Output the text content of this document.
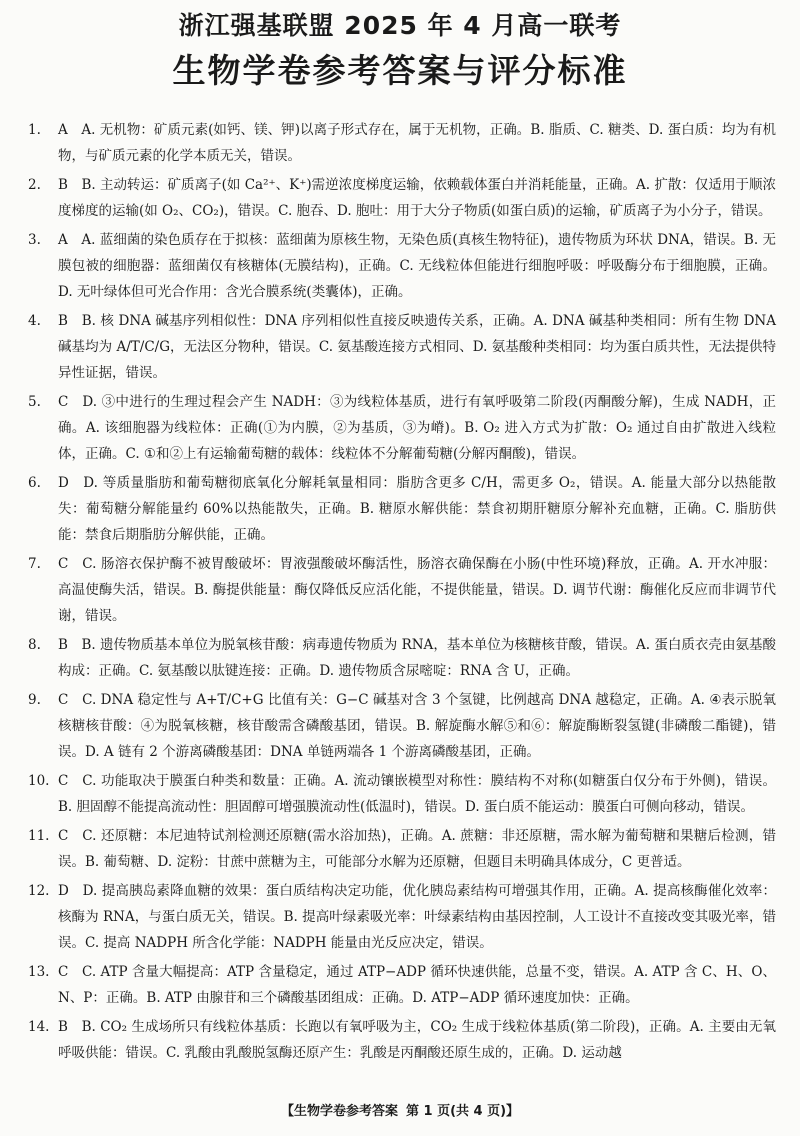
浙江强基联盟 2025 年 4 月高一联考
生物学卷参考答案与评分标准
1.	A　A. 无机物：矿质元素(如钙、镁、钾)以离子形式存在，属于无机物，正确。B. 脂质、C. 糖类、D. 蛋白质：均为有机物，与矿质元素的化学本质无关，错误。
2.	B　B. 主动转运：矿质离子(如 Ca²⁺、K⁺)需逆浓度梯度运输，依赖载体蛋白并消耗能量，正确。A. 扩散：仅适用于顺浓度梯度的运输(如 O₂、CO₂)，错误。C. 胞吞、D. 胞吐：用于大分子物质(如蛋白质)的运输，矿质离子为小分子，错误。
3.	A　A. 蓝细菌的染色质存在于拟核：蓝细菌为原核生物，无染色质(真核生物特征)，遗传物质为环状 DNA，错误。B. 无膜包被的细胞器：蓝细菌仅有核糖体(无膜结构)，正确。C. 无线粒体但能进行细胞呼吸：呼吸酶分布于细胞膜，正确。D. 无叶绿体但可光合作用：含光合膜系统(类囊体)，正确。
4.	B　B. 核 DNA 碱基序列相似性：DNA 序列相似性直接反映遗传关系，正确。A. DNA 碱基种类相同：所有生物 DNA 碱基均为 A/T/C/G，无法区分物种，错误。C. 氨基酸连接方式相同、D. 氨基酸种类相同：均为蛋白质共性，无法提供特异性证据，错误。
5.	C　D. ③中进行的生理过程会产生 NADH：③为线粒体基质，进行有氧呼吸第二阶段(丙酮酸分解)，生成 NADH，正确。A. 该细胞器为线粒体：正确(①为内膜，②为基质，③为嵴)。B. O₂ 进入方式为扩散：O₂ 通过自由扩散进入线粒体，正确。C. ①和②上有运输葡萄糖的载体：线粒体不分解葡萄糖(分解丙酮酸)，错误。
6.	D　D. 等质量脂肪和葡萄糖彻底氧化分解耗氧量相同：脂肪含更多 C/H，需更多 O₂，错误。A. 能量大部分以热能散失：葡萄糖分解能量约 60%以热能散失，正确。B. 糖原水解供能：禁食初期肝糖原分解补充血糖，正确。C. 脂肪供能：禁食后期脂肪分解供能，正确。
7.	C　C. 肠溶衣保护酶不被胃酸破坏：胃液强酸破坏酶活性，肠溶衣确保酶在小肠(中性环境)释放，正确。A. 开水冲服：高温使酶失活，错误。B. 酶提供能量：酶仅降低反应活化能，不提供能量，错误。D. 调节代谢：酶催化反应而非调节代谢，错误。
8.	B　B. 遗传物质基本单位为脱氧核苷酸：病毒遗传物质为 RNA，基本单位为核糖核苷酸，错误。A. 蛋白质衣壳由氨基酸构成：正确。C. 氨基酸以肽键连接：正确。D. 遗传物质含尿嘧啶：RNA 含 U，正确。
9.	C　C. DNA 稳定性与 A+T/C+G 比值有关：G−C 碱基对含 3 个氢键，比例越高 DNA 越稳定，正确。A. ④表示脱氧核糖核苷酸：④为脱氧核糖，核苷酸需含磷酸基团，错误。B. 解旋酶水解⑤和⑥：解旋酶断裂氢键(非磷酸二酯键)，错误。D. A 链有 2 个游离磷酸基团：DNA 单链两端各 1 个游离磷酸基团，正确。
10. C　C. 功能取决于膜蛋白种类和数量：正确。A. 流动镶嵌模型对称性：膜结构不对称(如糖蛋白仅分布于外侧)，错误。B. 胆固醇不能提高流动性：胆固醇可增强膜流动性(低温时)，错误。D. 蛋白质不能运动：膜蛋白可侧向移动，错误。
11. C　C. 还原糖：本尼迪特试剂检测还原糖(需水浴加热)，正确。A. 蔗糖：非还原糖，需水解为葡萄糖和果糖后检测，错误。B. 葡萄糖、D. 淀粉：甘蔗中蔗糖为主，可能部分水解为还原糖，但题目未明确具体成分，C 更普适。
12. D　D. 提高胰岛素降血糖的效果：蛋白质结构决定功能，优化胰岛素结构可增强其作用，正确。A. 提高核酶催化效率：核酶为 RNA，与蛋白质无关，错误。B. 提高叶绿素吸光率：叶绿素结构由基因控制，人工设计不直接改变其吸光率，错误。C. 提高 NADPH 所含化学能：NADPH 能量由光反应决定，错误。
13. C　C. ATP 含量大幅提高：ATP 含量稳定，通过 ATP−ADP 循环快速供能，总量不变，错误。A. ATP 含 C、H、O、N、P：正确。B. ATP 由腺苷和三个磷酸基团组成：正确。D. ATP−ADP 循环速度加快：正确。
14. B　B. CO₂ 生成场所只有线粒体基质：长跑以有氧呼吸为主，CO₂ 生成于线粒体基质(第二阶段)，正确。A. 主要由无氧呼吸供能：错误。C. 乳酸由乳酸脱氢酶还原产生：乳酸是丙酮酸还原生成的，正确。D. 运动越
【生物学卷参考答案 第 1 页(共 4 页)】
